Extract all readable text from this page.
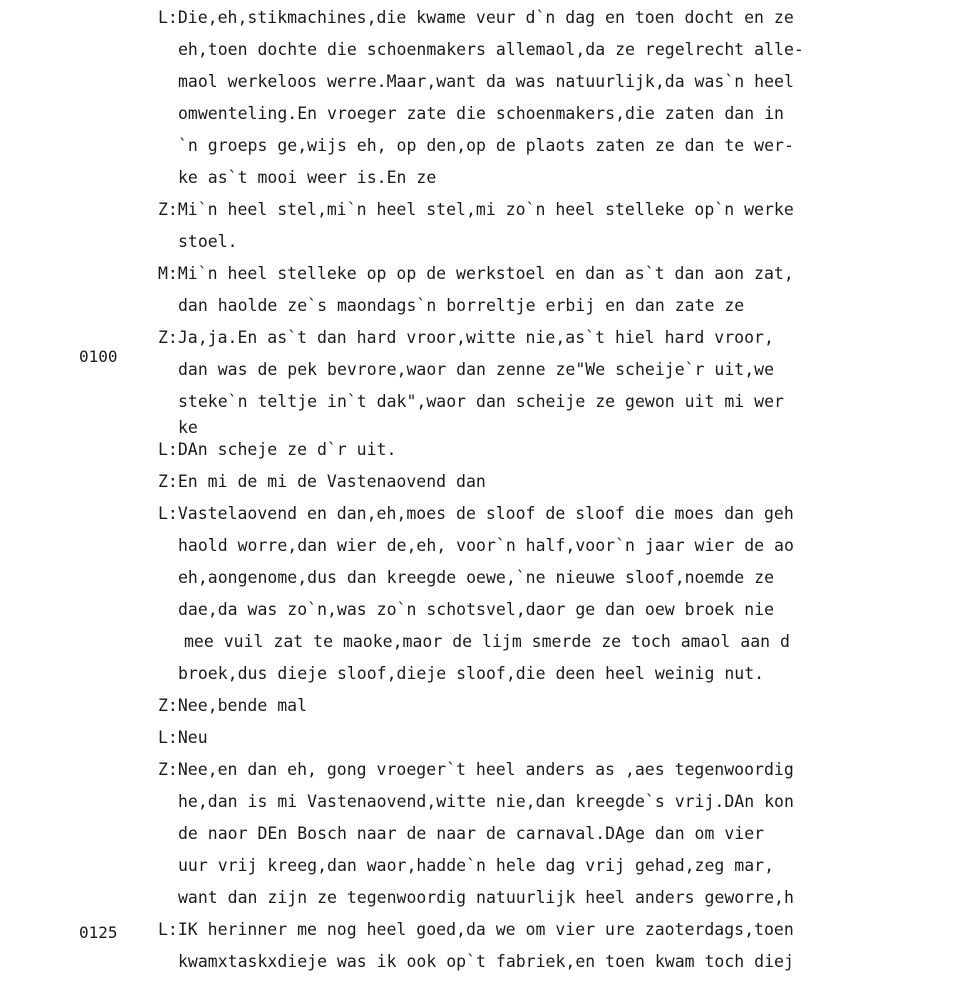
0100
0125
L:Die,eh,stikmachines,die kwame veur d`n dag en toen docht en ze
eh,toen dochte die schoenmakers allemaol,da ze regelrecht alle-
maol werkeloos werre.Maar,want da was natuurlijk,da was`n heel
omwenteling.En vroeger zate die schoenmakers,die zaten dan in
`n groeps ge,wijs eh, op den,op de plaots zaten ze dan te wer-
ke as`t mooi weer is.En ze
Z:Mi`n heel stel,mi`n heel stel,mi zo`n heel stelleke op`n werke
stoel.
M:Mi`n heel stelleke op op de werkstoel en dan as`t dan aon zat,
dan haolde ze`s maondags`n borreltje erbij en dan zate ze
Z:Ja,ja.En as`t dan hard vroor,witte nie,as`t hiel hard vroor,
dan was de pek bevrore,waor dan zenne ze"We scheije`r uit,we
steke`n teltje in`t dak",waor dan scheije ze gewon uit mi wer
ke
L:DAn scheje ze d`r uit.
Z:En mi de mi de Vastenaovend dan
L:Vastelaovend en dan,eh,moes de sloof de sloof die moes dan geh
haold worre,dan wier de,eh, voor`n half,voor`n jaar wier de ao
eh,aongenome,dus dan kreegde oewe,`ne nieuwe sloof,noemde ze
dae,da was zo`n,was zo`n schotsvel,daor ge dan oew broek nie
mee vuil zat te maoke,maor de lijm smerde ze toch amaol aan d
broek,dus dieje sloof,dieje sloof,die deen heel weinig nut.
Z:Nee,bende mal
L:Neu
Z:Nee,en dan eh, gong vroeger`t heel anders as ,aes tegenwoordig
he,dan is mi Vastenaovend,witte nie,dan kreegde`s vrij.DAn kon
de naor DEn Bosch naar de naar de carnaval.DAge dan om vier
uur vrij kreeg,dan waor,hadde`n hele dag vrij gehad,zeg mar,
want dan zijn ze tegenwoordig natuurlijk heel anders geworre,h
L:IK herinner me nog heel goed,da we om vier ure zaoterdags,toen
kwamxtaskxdieje was ik ook op`t fabriek,en toen kwam toch diej
